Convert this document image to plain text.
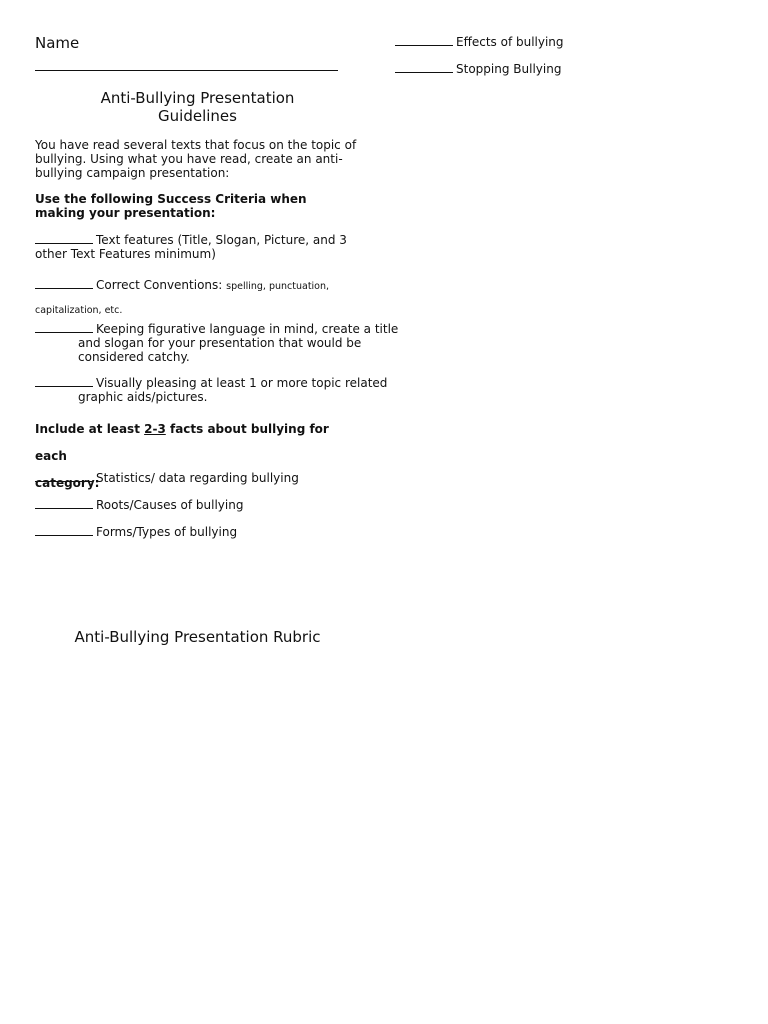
Name
Anti-Bullying Presentation
Guidelines
You have read several texts that focus on the topic of bullying. Using what you have read, create an anti-bullying campaign presentation:
Use the following Success Criteria when making your presentation:
Text features (Title, Slogan, Picture, and 3 other Text Features minimum)
Correct Conventions: spelling, punctuation, capitalization, etc.
Keeping figurative language in mind, create a title and slogan for your presentation that would be considered catchy.
Visually pleasing at least 1 or more topic related graphic aids/pictures.
Include at least 2-3 facts about bullying for each
category:
Statistics/ data regarding bullying
Roots/Causes of bullying
Forms/Types of bullying
Effects of bullying
Stopping Bullying
Anti-Bullying Presentation Rubric
